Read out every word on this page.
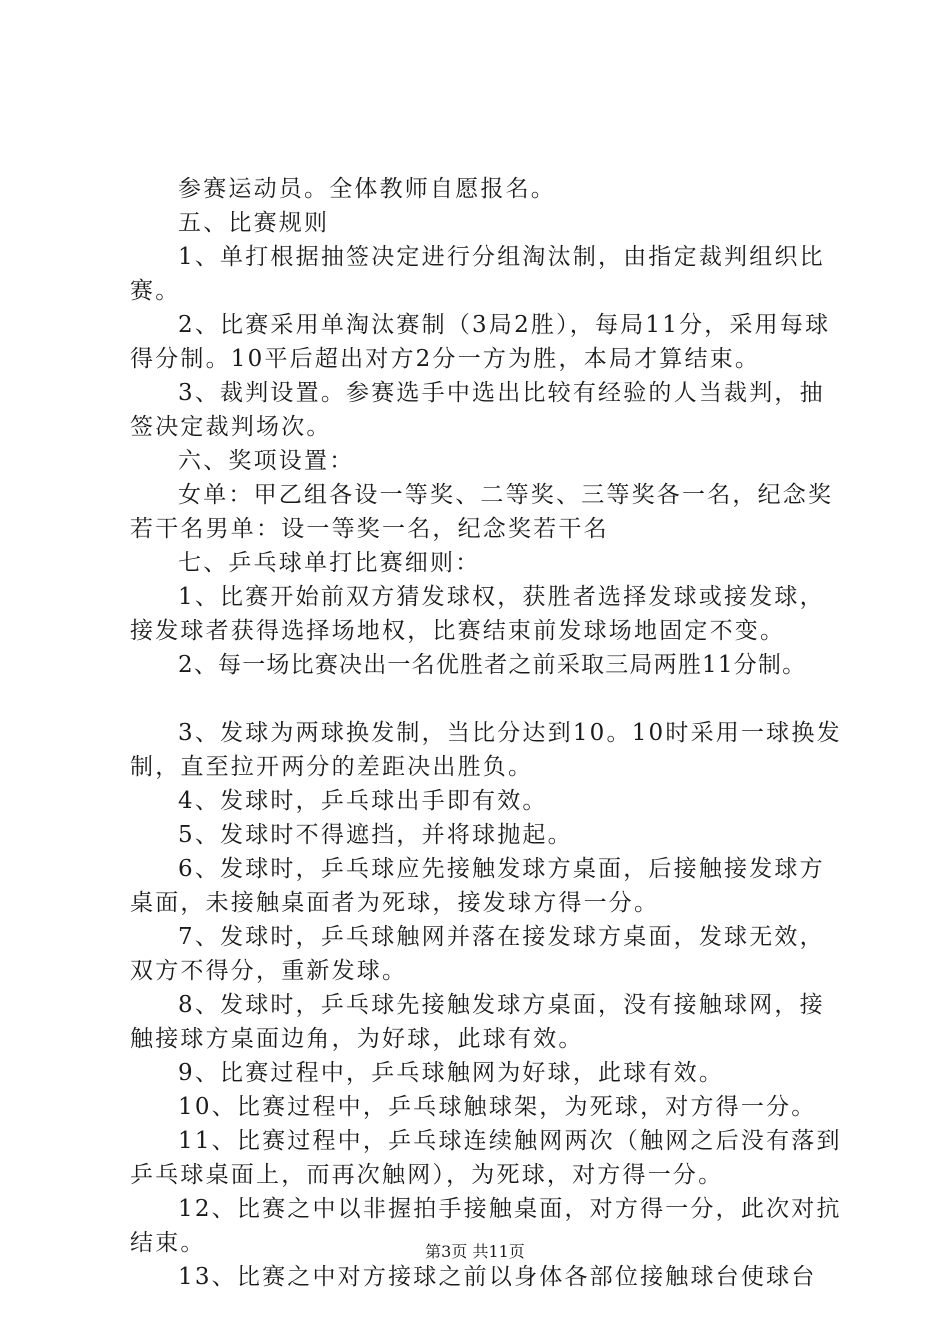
参赛运动员。全体教师自愿报名。

五、比赛规则

1、单打根据抽签决定进行分组淘汰制，由指定裁判组织比赛。

2、比赛采用单淘汰赛制（3局2胜），每局11分，采用每球得分制。10平后超出对方2分一方为胜，本局才算结束。

3、裁判设置。参赛选手中选出比较有经验的人当裁判，抽签决定裁判场次。

六、奖项设置：

女单：甲乙组各设一等奖、二等奖、三等奖各一名，纪念奖若干名男单：设一等奖一名，纪念奖若干名

七、乒乓球单打比赛细则：

1、比赛开始前双方猜发球权，获胜者选择发球或接发球，接发球者获得选择场地权，比赛结束前发球场地固定不变。

2、每一场比赛决出一名优胜者之前采取三局两胜11分制。

3、发球为两球换发制，当比分达到10。10时采用一球换发制，直至拉开两分的差距决出胜负。

4、发球时，乒乓球出手即有效。

5、发球时不得遮挡，并将球抛起。

6、发球时，乒乓球应先接触发球方桌面，后接触接发球方桌面，未接触桌面者为死球，接发球方得一分。

7、发球时，乒乓球触网并落在接发球方桌面，发球无效，双方不得分，重新发球。

8、发球时，乒乓球先接触发球方桌面，没有接触球网，接触接球方桌面边角，为好球，此球有效。

9、比赛过程中，乒乓球触网为好球，此球有效。

10、比赛过程中，乒乓球触球架，为死球，对方得一分。

11、比赛过程中，乒乓球连续触网两次（触网之后没有落到乒乓球桌面上，而再次触网），为死球，对方得一分。

12、比赛之中以非握拍手接触桌面，对方得一分，此次对抗结束。

13、比赛之中对方接球之前以身体各部位接触球台使球台

第3页 共11页
